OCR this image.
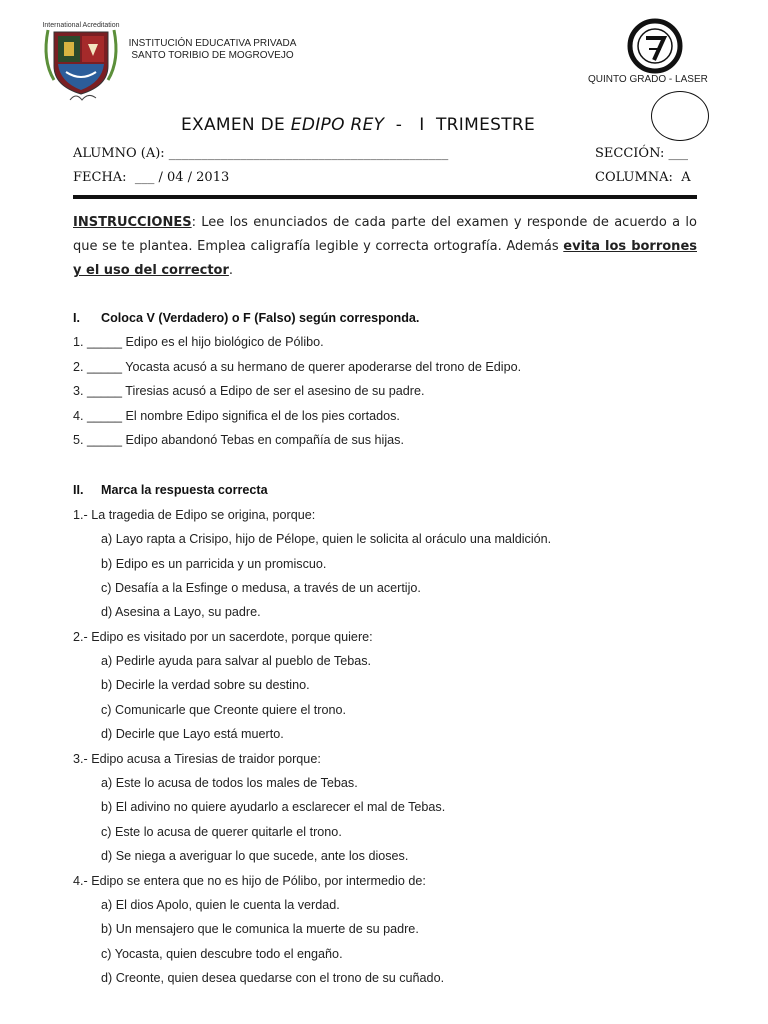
International Acreditation
INSTITUCIÓN EDUCATIVA PRIVADA
SANTO TORIBIO DE MOGROVEJO
QUINTO GRADO - LASER
EXAMEN DE EDIPO REY  -   I  TRIMESTRE
ALUMNO (A): ___________________________________________	SECCIÓN: ___
FECHA:  ___ / 04 / 2013	COLUMNA:  A
INSTRUCCIONES: Lee los enunciados de cada parte del examen y responde de acuerdo a lo que se te plantea. Emplea caligrafía legible y correcta ortografía. Además evita los borrones y el uso del corrector.
I. Coloca V (Verdadero) o F (Falso) según corresponda.
1. _____ Edipo es el hijo biológico de Pólibo.
2. _____ Yocasta acusó a su hermano de querer apoderarse del trono de Edipo.
3. _____ Tiresias acusó a Edipo de ser el asesino de su padre.
4. _____ El nombre Edipo significa el de los pies cortados.
5. _____ Edipo abandonó Tebas en compañía de sus hijas.
II. Marca la respuesta correcta
1.- La tragedia de Edipo se origina, porque:
a) Layo rapta a Crisipo, hijo de Pélope, quien le solicita al oráculo una maldición.
b) Edipo es un parricida y un promiscuo.
c) Desafía a la Esfinge o medusa, a través de un acertijo.
d) Asesina a Layo, su padre.
2.- Edipo es visitado por un sacerdote, porque quiere:
a) Pedirle ayuda para salvar al pueblo de Tebas.
b) Decirle la verdad sobre su destino.
c) Comunicarle que Creonte quiere el trono.
d) Decirle que Layo está muerto.
3.- Edipo acusa a Tiresias de traidor porque:
a) Este lo acusa de todos los males de Tebas.
b) El adivino no quiere ayudarlo a esclarecer el mal de Tebas.
c) Este lo acusa de querer quitarle el trono.
d) Se niega a averiguar lo que sucede, ante los dioses.
4.- Edipo se entera que no es hijo de Pólibo, por intermedio de:
a) El dios Apolo, quien le cuenta la verdad.
b) Un mensajero que le comunica la muerte de su padre.
c) Yocasta, quien descubre todo el engaño.
d) Creonte, quien desea quedarse con el trono de su cuñado.
